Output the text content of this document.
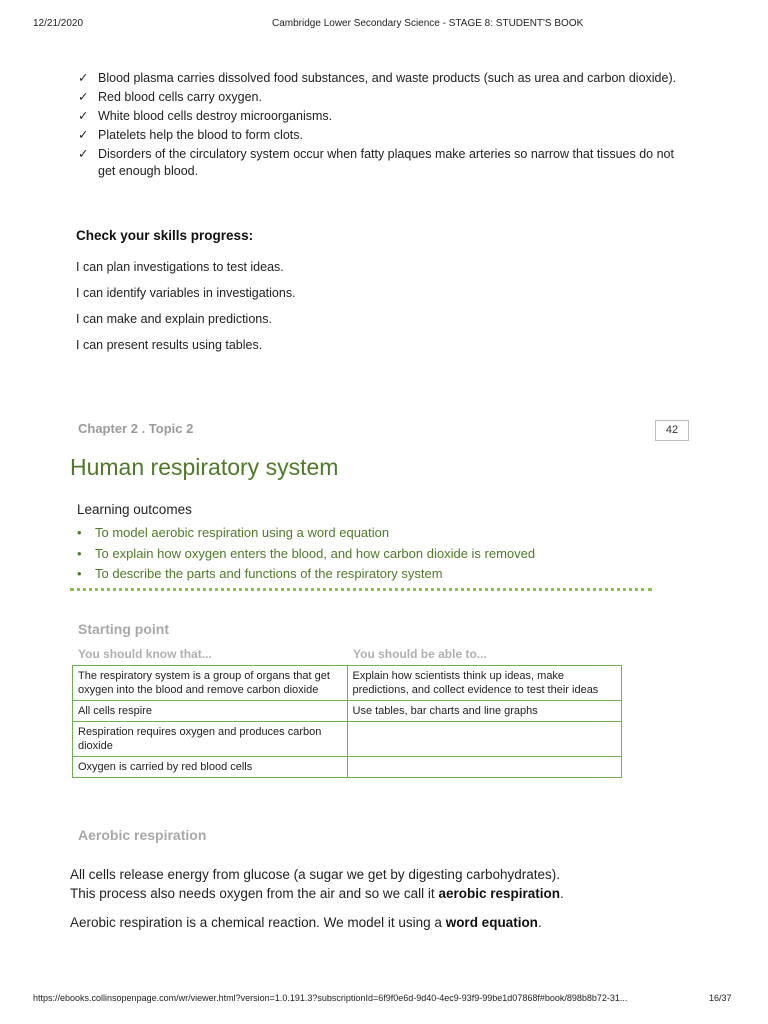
12/21/2020	Cambridge Lower Secondary Science - STAGE 8: STUDENT'S BOOK
✓ Blood plasma carries dissolved food substances, and waste products (such as urea and carbon dioxide).
✓ Red blood cells carry oxygen.
✓ White blood cells destroy microorganisms.
✓ Platelets help the blood to form clots.
✓ Disorders of the circulatory system occur when fatty plaques make arteries so narrow that tissues do not get enough blood.
Check your skills progress:
I can plan investigations to test ideas.
I can identify variables in investigations.
I can make and explain predictions.
I can present results using tables.
Chapter 2 . Topic 2	42
Human respiratory system
Learning outcomes
•	To model aerobic respiration using a word equation
•	To explain how oxygen enters the blood, and how carbon dioxide is removed
•	To describe the parts and functions of the respiratory system
Starting point
You should know that...	You should be able to...
The respiratory system is a group of organs that get oxygen into the blood and remove carbon dioxide	Explain how scientists think up ideas, make predictions, and collect evidence to test their ideas
All cells respire	Use tables, bar charts and line graphs
Respiration requires oxygen and produces carbon dioxide	
Oxygen is carried by red blood cells	
Aerobic respiration
All cells release energy from glucose (a sugar we get by digesting carbohydrates).
This process also needs oxygen from the air and so we call it aerobic respiration.
Aerobic respiration is a chemical reaction. We model it using a word equation.
https://ebooks.collinsopenpage.com/wr/viewer.html?version=1.0.191.3?subscriptionId=6f9f0e6d-9d40-4ec9-93f9-99be1d07868f#book/898b8b72-31...	16/37
